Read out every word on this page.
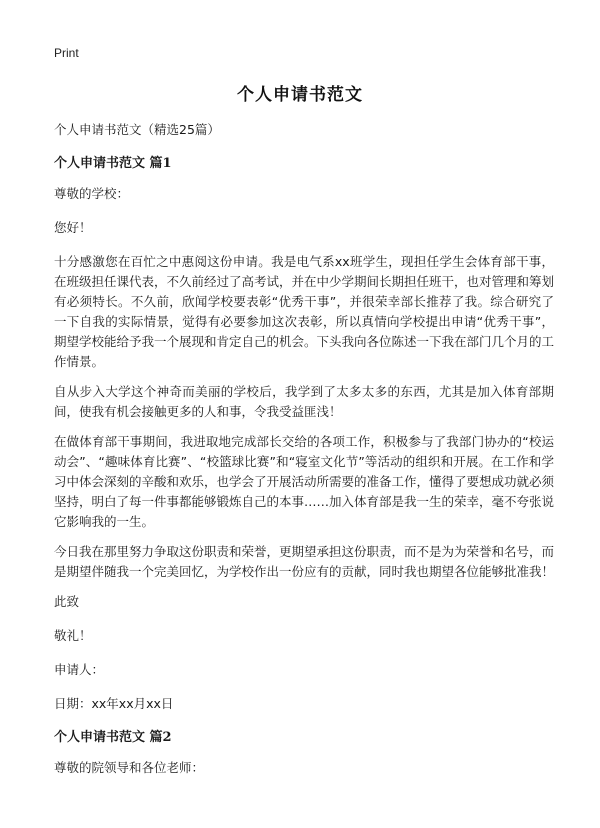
Print
个人申请书范文

个人申请书范文（精选25篇）

个人申请书范文 篇1

尊敬的学校：

您好！

十分感激您在百忙之中惠阅这份申请。我是电气系xx班学生，现担任学生会体育部干事，在班级担任课代表，不久前经过了高考试，并在中少学期间长期担任班干，也对管理和筹划有必须特长。不久前，欣闻学校要表彰“优秀干事”，并很荣幸部长推荐了我。综合研究了一下自我的实际情景，觉得有必要参加这次表彰，所以真情向学校提出申请“优秀干事”，期望学校能给予我一个展现和肯定自己的机会。下头我向各位陈述一下我在部门几个月的工作情景。

自从步入大学这个神奇而美丽的学校后，我学到了太多太多的东西，尤其是加入体育部期间，使我有机会接触更多的人和事，令我受益匪浅！

在做体育部干事期间，我进取地完成部长交给的各项工作，积极参与了我部门协办的“校运动会”、“趣味体育比赛”、“校篮球比赛”和“寝室文化节”等活动的组织和开展。在工作和学习中体会深刻的辛酸和欢乐，也学会了开展活动所需要的准备工作，懂得了要想成功就必须坚持，明白了每一件事都能够锻炼自己的本事……加入体育部是我一生的荣幸，毫不夸张说它影响我的一生。

今日我在那里努力争取这份职责和荣誉，更期望承担这份职责，而不是为为荣誉和名号，而是期望伴随我一个完美回忆，为学校作出一份应有的贡献，同时我也期望各位能够批准我！

此致

敬礼！

申请人：

日期：xx年xx月xx日

个人申请书范文 篇2

尊敬的院领导和各位老师：
